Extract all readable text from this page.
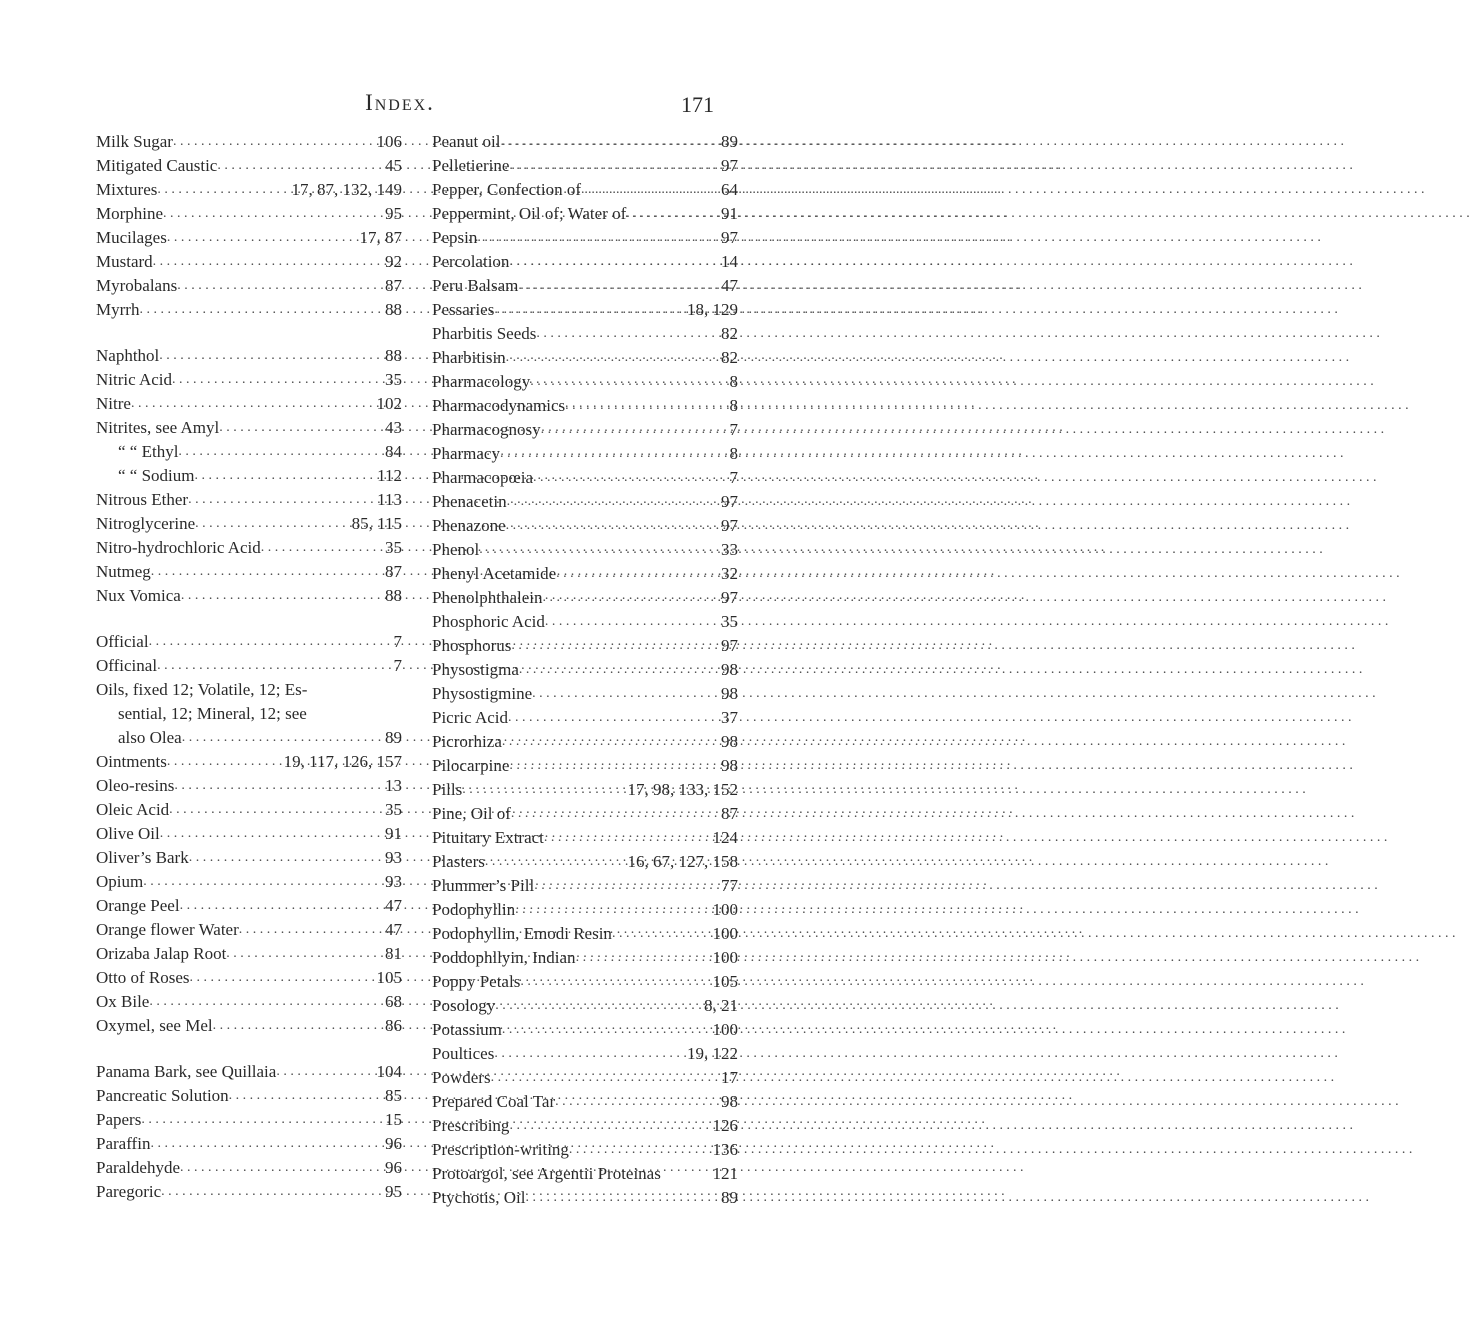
Index.	171
Milk Sugar . . .	106
Mitigated Caustic . . .	45
Mixtures . . .	17, 87, 132, 149
Morphine . . .	95
Mucilages . . .	17, 87
Mustard . . .	92
Myrobalans . . .	87
Myrrh . . .	88
Naphthol . . .	88
Nitric Acid . . .	35
Nitre . . .	102
Nitrites, see Amyl . . .	43
“ “ Ethyl . . .	84
“ “ Sodium . . .	112
Nitrous Ether . . .	113
Nitroglycerine . . .	85, 115
Nitro-hydrochloric Acid . . .	35
Nutmeg . . .	87
Nux Vomica . . .	88
Official . . .	7
Officinal . . .	7
Oils, fixed 12; Volatile, 12; Es-
sential, 12; Mineral, 12; see
also Olea . . .	89
Ointments . . .	19, 117, 126, 157
Oleo-resins . . .	13
Oleic Acid . . .	35
Olive Oil . . .	91
Oliver’s Bark . . .	93
Opium . . .	93
Orange Peel . . .	47
Orange flower Water . . .	47
Orizaba Jalap Root . . .	81
Otto of Roses . . .	105
Ox Bile . . .	68
Oxymel, see Mel . . .	86
Panama Bark, see Quillaia . . .	104
Pancreatic Solution . . .	85
Papers . . .	15
Paraffin . . .	96
Paraldehyde . . .	96
Paregoric . . .	95
Peanut oil . . .	89
Pelletierine . . .	97
Pepper, Confection of . . .	64
Peppermint, Oil of; Water of . . .	91
Pepsin . . .	97
Percolation . . .	14
Peru Balsam . . .	47
Pessaries . . .	18, 129
Pharbitis Seeds . . .	82
Pharbitisin . . .	82
Pharmacology . . .	8
Pharmacodynamics . . .	8
Pharmacognosy . . .	7
Pharmacy . . .	8
Pharmacopœia . . .	7
Phenacetin . . .	97
Phenazone . . .	97
Phenol . . .	33
Phenyl Acetamide . . .	32
Phenolphthalein . . .	97
Phosphoric Acid . . .	35
Phosphorus . . .	97
Physostigma . . .	98
Physostigmine . . .	98
Picric Acid . . .	37
Picrorhiza . . .	98
Pilocarpine . . .	98
Pills . . .	17, 98, 133, 152
Pine, Oil of . . .	87
Pituitary Extract . . .	124
Plasters . . .	16, 67, 127, 158
Plummer’s Pill . . .	77
Podophyllin . . .	100
Podophyllin, Emodi Resin . . .	100
Poddophllyin, Indian . . .	100
Poppy Petals . . .	105
Posology . . .	8, 21
Potassium . . .	100
Poultices . . .	19, 122
Powders . . .	17
Prepared Coal Tar . . .	98
Prescribing . . .	126
Prescription-writing . . .	136
Protoargol, see Argentii Proteinas	121
Ptychotis, Oil . . .	89
